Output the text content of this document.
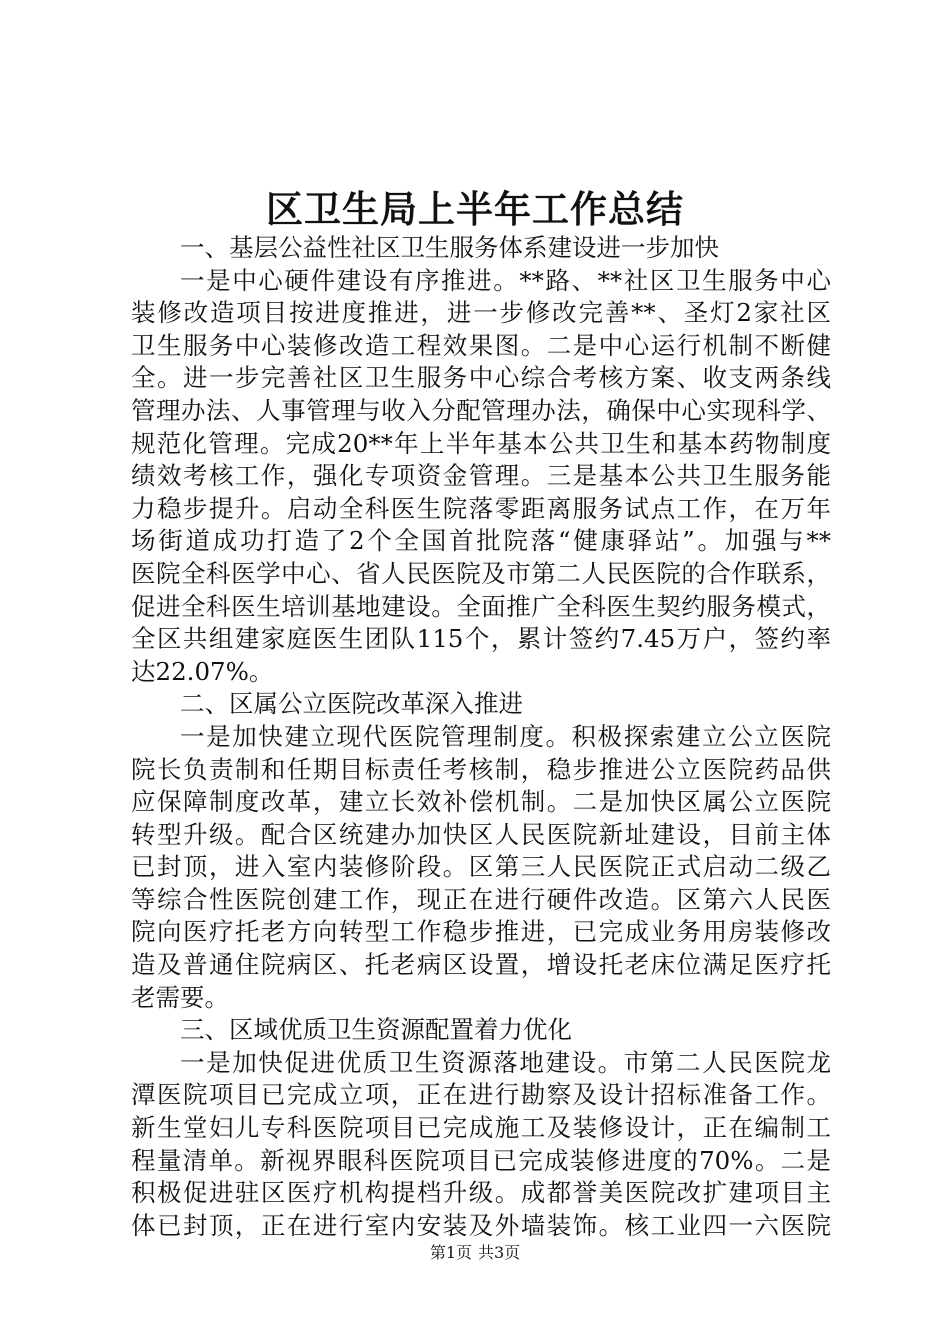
区卫生局上半年工作总结

一、基层公益性社区卫生服务体系建设进一步加快

一是中心硬件建设有序推进。**路、**社区卫生服务中心

装修改造项目按进度推进，进一步修改完善**、圣灯2家社区

卫生服务中心装修改造工程效果图。二是中心运行机制不断健

全。进一步完善社区卫生服务中心综合考核方案、收支两条线

管理办法、人事管理与收入分配管理办法，确保中心实现科学、

规范化管理。完成20**年上半年基本公共卫生和基本药物制度

绩效考核工作，强化专项资金管理。三是基本公共卫生服务能

力稳步提升。启动全科医生院落零距离服务试点工作，在万年

场街道成功打造了2个全国首批院落“健康驿站”。加强与**

医院全科医学中心、省人民医院及市第二人民医院的合作联系，

促进全科医生培训基地建设。全面推广全科医生契约服务模式，

全区共组建家庭医生团队115个，累计签约7.45万户，签约率

达22.07%。

二、区属公立医院改革深入推进

一是加快建立现代医院管理制度。积极探索建立公立医院

院长负责制和任期目标责任考核制，稳步推进公立医院药品供

应保障制度改革，建立长效补偿机制。二是加快区属公立医院

转型升级。配合区统建办加快区人民医院新址建设，目前主体

已封顶，进入室内装修阶段。区第三人民医院正式启动二级乙

等综合性医院创建工作，现正在进行硬件改造。区第六人民医

院向医疗托老方向转型工作稳步推进，已完成业务用房装修改

造及普通住院病区、托老病区设置，增设托老床位满足医疗托

老需要。

三、区域优质卫生资源配置着力优化

一是加快促进优质卫生资源落地建设。市第二人民医院龙

潭医院项目已完成立项，正在进行勘察及设计招标准备工作。

新生堂妇儿专科医院项目已完成施工及装修设计，正在编制工

程量清单。新视界眼科医院项目已完成装修进度的70%。二是

积极促进驻区医疗机构提档升级。成都誉美医院改扩建项目主

体已封顶，正在进行室内安装及外墙装饰。核工业四一六医院

第1页 共3页
